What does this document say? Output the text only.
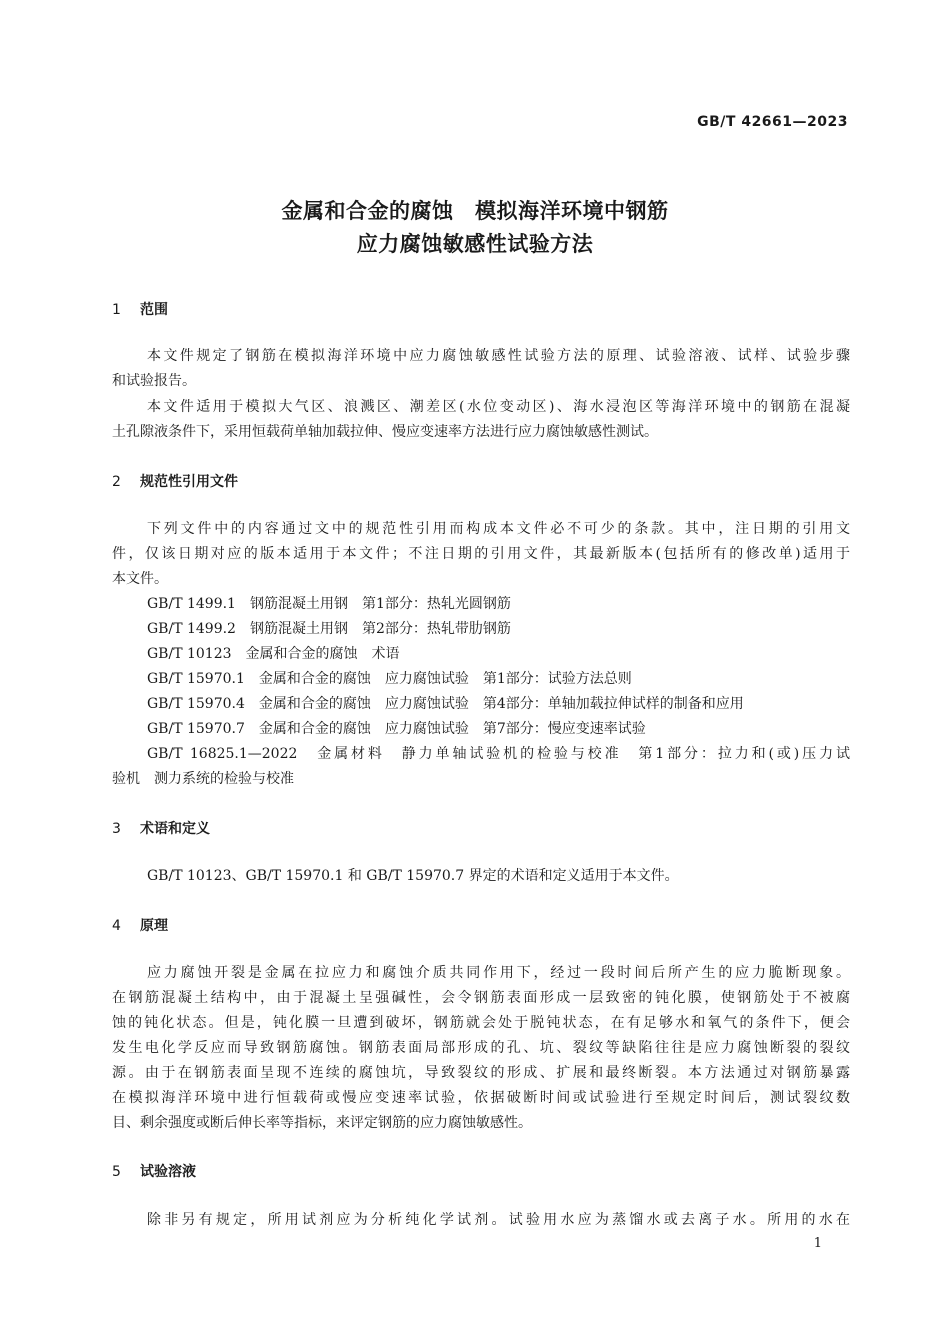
GB/T 42661—2023
金属和合金的腐蚀　模拟海洋环境中钢筋
应力腐蚀敏感性试验方法
1 范围
本文件规定了钢筋在模拟海洋环境中应力腐蚀敏感性试验方法的原理、试验溶液、试样、试验步骤
和试验报告。
本文件适用于模拟大气区、浪溅区、潮差区(水位变动区)、海水浸泡区等海洋环境中的钢筋在混凝
土孔隙液条件下，采用恒载荷单轴加载拉伸、慢应变速率方法进行应力腐蚀敏感性测试。
2 规范性引用文件
下列文件中的内容通过文中的规范性引用而构成本文件必不可少的条款。其中，注日期的引用文
件，仅该日期对应的版本适用于本文件；不注日期的引用文件，其最新版本(包括所有的修改单)适用于
本文件。
GB/T 1499.1　钢筋混凝土用钢　第1部分：热轧光圆钢筋
GB/T 1499.2　钢筋混凝土用钢　第2部分：热轧带肋钢筋
GB/T 10123　金属和合金的腐蚀　术语
GB/T 15970.1　金属和合金的腐蚀　应力腐蚀试验　第1部分：试验方法总则
GB/T 15970.4　金属和合金的腐蚀　应力腐蚀试验　第4部分：单轴加载拉伸试样的制备和应用
GB/T 15970.7　金属和合金的腐蚀　应力腐蚀试验　第7部分：慢应变速率试验
GB/T 16825.1—2022　金属材料　静力单轴试验机的检验与校准　第1部分：拉力和(或)压力试
验机　测力系统的检验与校准
3 术语和定义
GB/T 10123、GB/T 15970.1 和 GB/T 15970.7 界定的术语和定义适用于本文件。
4 原理
应力腐蚀开裂是金属在拉应力和腐蚀介质共同作用下，经过一段时间后所产生的应力脆断现象。
在钢筋混凝土结构中，由于混凝土呈强碱性，会令钢筋表面形成一层致密的钝化膜，使钢筋处于不被腐
蚀的钝化状态。但是，钝化膜一旦遭到破坏，钢筋就会处于脱钝状态，在有足够水和氧气的条件下，便会
发生电化学反应而导致钢筋腐蚀。钢筋表面局部形成的孔、坑、裂纹等缺陷往往是应力腐蚀断裂的裂纹
源。由于在钢筋表面呈现不连续的腐蚀坑，导致裂纹的形成、扩展和最终断裂。本方法通过对钢筋暴露
在模拟海洋环境中进行恒载荷或慢应变速率试验，依据破断时间或试验进行至规定时间后，测试裂纹数
目、剩余强度或断后伸长率等指标，来评定钢筋的应力腐蚀敏感性。
5 试验溶液
除非另有规定，所用试剂应为分析纯化学试剂。试验用水应为蒸馏水或去离子水。所用的水在
1
